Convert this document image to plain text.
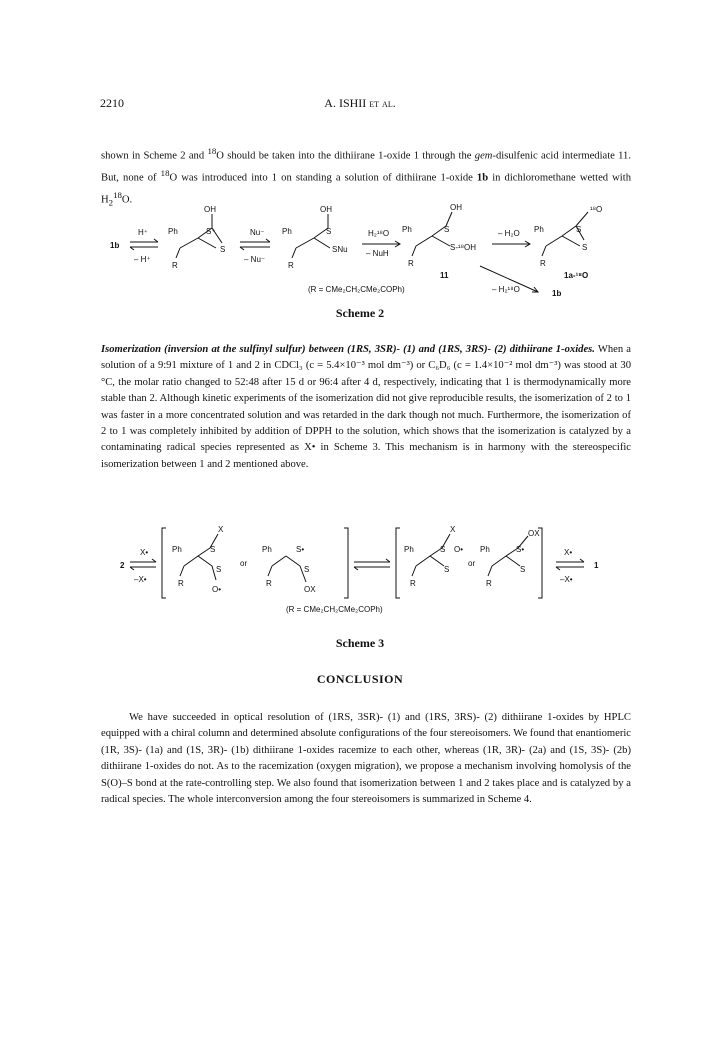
2210	A. ISHII et al.
shown in Scheme 2 and $^{18}$O should be taken into the dithiirane 1-oxide 1 through the gem-disulfenic acid intermediate 11. But, none of $^{18}$O was introduced into 1 on standing a solution of dithiirane 1-oxide 1b in dichloromethane wetted with $H_2^{18}O$.
1b
H⁺
– H⁺
OH
Ph	S⁺
S
R
Nu⁻
– Nu⁻
OH
Ph	S
SNu
R
H₂¹⁸O
– NuH
OH
Ph	S
S-¹⁸OH
R
11
– H₂O
¹⁸O
Ph	S
S
R
1a-¹⁸O
– H₂¹⁸O	1b
(R = CMe₂CH₂CMe₂COPh)
Scheme 2
Isomerization (inversion at the sulfinyl sulfur) between (1RS, 3SR)- (1) and (1RS, 3RS)- (2) dithiirane 1-oxides. When a solution of a 9:91 mixture of 1 and 2 in CDCl₃ (c = 5.4×10⁻³ mol dm⁻³) or C₆D₆ (c = 1.4×10⁻² mol dm⁻³) was stood at 30 °C, the molar ratio changed to 52:48 after 15 d or 96:4 after 4 d, respectively, indicating that 1 is thermodynamically more stable than 2. Although kinetic experiments of the isomerization did not give reproducible results, the isomerization of 2 to 1 was faster in a more concentrated solution and was retarded in the dark though not much. Furthermore, the isomerization of 2 to 1 was completely inhibited by addition of DPPH to the solution, which shows that the isomerization is catalyzed by a contaminating radical species represented as X• in Scheme 3. This mechanism is in harmony with the stereospecific isomerization between 1 and 2 mentioned above.
2
X•
–X•
X
Ph	S
S
R
O•
or
Ph	S•
S
R
OX
X
Ph	S O•
S
R
or
Ph	S•
OX
S
R
X•
–X•
1
(R = CMe₂CH₂CMe₂COPh)
Scheme 3
CONCLUSION
We have succeeded in optical resolution of (1RS, 3SR)- (1) and (1RS, 3RS)- (2) dithiirane 1-oxides by HPLC equipped with a chiral column and determined absolute configurations of the four stereoisomers. We found that enantiomeric (1R, 3S)- (1a) and (1S, 3R)- (1b) dithiirane 1-oxides racemize to each other, whereas (1R, 3R)- (2a) and (1S, 3S)- (2b) dithiirane 1-oxides do not. As to the racemization (oxygen migration), we propose a mechanism involving homolysis of the S(O)–S bond at the rate-controlling step. We also found that isomerization between 1 and 2 takes place and is catalyzed by a radical species. The whole interconversion among the four stereoisomers is summarized in Scheme 4.
